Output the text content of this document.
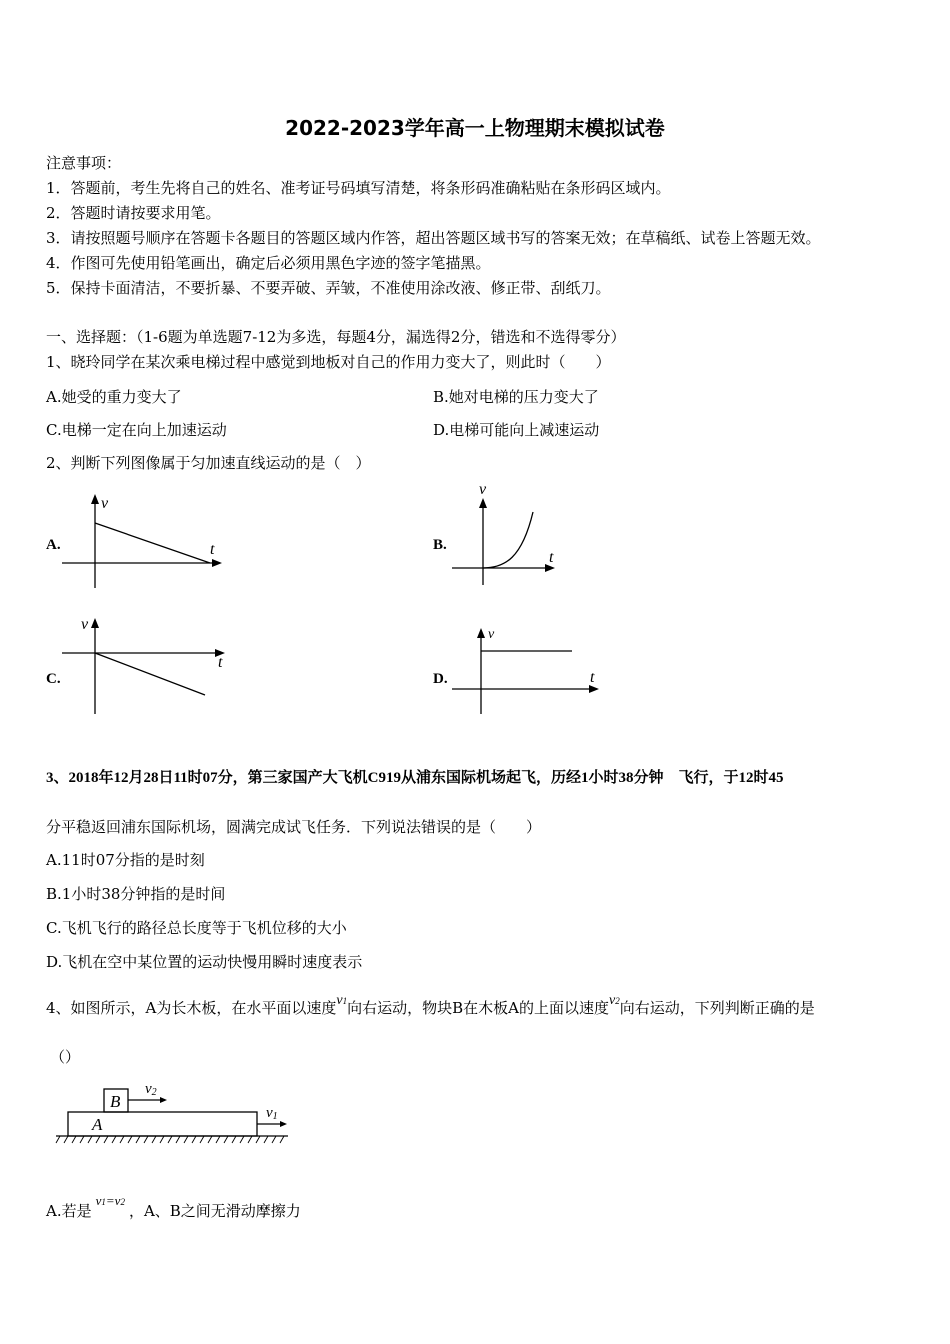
2022-2023学年高一上物理期末模拟试卷
注意事项：
1．答题前，考生先将自己的姓名、准考证号码填写清楚，将条形码准确粘贴在条形码区域内。
2．答题时请按要求用笔。
3．请按照题号顺序在答题卡各题目的答题区域内作答，超出答题区域书写的答案无效；在草稿纸、试卷上答题无效。
4．作图可先使用铅笔画出，确定后必须用黑色字迹的签字笔描黑。
5．保持卡面清洁，不要折暴、不要弄破、弄皱，不准使用涂改液、修正带、刮纸刀。
一、选择题：（1-6题为单选题7-12为多选，每题4分，漏选得2分，错选和不选得零分）
1、晓玲同学在某次乘电梯过程中感觉到地板对自己的作用力变大了，则此时（　　）
A.她受的重力变大了	B.她对电梯的压力变大了
C.电梯一定在向上加速运动	D.电梯可能向上减速运动
2、判断下列图像属于匀加速直线运动的是（　）
A.
v
t	B.
v
t
C.
v
t
D.
v
t
3、2018年12月28日11时07分，第三家国产大飞机C919从浦东国际机场起飞，历经1小时38分钟　飞行，于12时45
分平稳返回浦东国际机场，圆满完成试飞任务．下列说法错误的是（　　）
A.11时07分指的是时刻
B.1小时38分钟指的是时间
C.飞机飞行的路径总长度等于飞机位移的大小
D.飞机在空中某位置的运动快慢用瞬时速度表示
4、如图所示，A为长木板，在水平面以速度v1向右运动，物块B在木板A的上面以速度v2向右运动，下列判断正确的是
（）
B
A
v2
v1
A.若是v1=v2 ，A、B之间无滑动摩擦力
